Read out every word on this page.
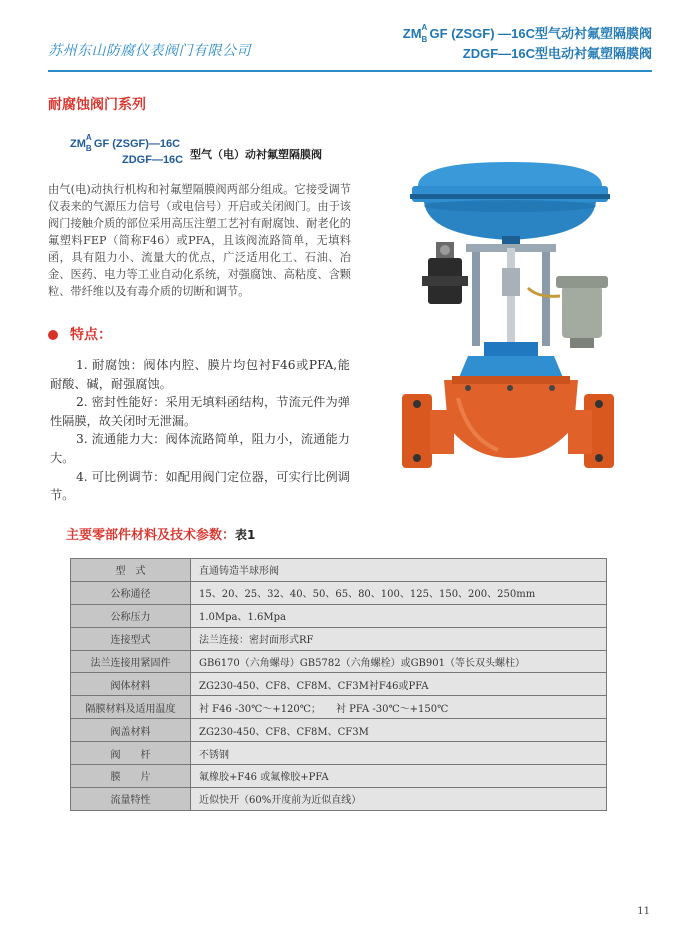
苏州东山防腐仪表阀门有限公司
ZM A
B GF (ZSGF) —16C型气动衬氟塑隔膜阀
ZDGF—16C型电动衬氟塑隔膜阀
耐腐蚀阀门系列
ZM
A
B GF (ZSGF)—16C
ZDGF—16C 型气（电）动衬氟塑隔膜阀
由气(电)动执行机构和衬氟塑隔膜阀两部分组成。它接受调节仪表来的气源压力信号（或电信号）开启或关闭阀门。由于该阀门接触介质的部位采用高压注塑工艺衬有耐腐蚀、耐老化的氟塑料FEP（简称F46）或PFA，且该阀流路简单，无填料函，具有阻力小、流量大的优点，广泛适用化工、石油、冶金、医药、电力等工业自动化系统，对强腐蚀、高粘度、含颗粒、带纤维以及有毒介质的切断和调节。
特点：

1. 耐腐蚀：阀体内腔、膜片均包衬F46或PFA,能耐酸、碱，耐强腐蚀。

2. 密封性能好：采用无填料函结构，节流元件为弹性隔膜，故关闭时无泄漏。

3. 流通能力大：阀体流路简单，阻力小，流通能力大。

4. 可比例调节：如配用阀门定位器，可实行比例调节。

主要零部件材料及技术参数：表1
型　式	直通铸造半球形阀
公称通径	15、20、25、32、40、50、65、80、100、125、150、200、250mm
公称压力	1.0Mpa、1.6Mpa
连接型式	法兰连接：密封面形式RF
法兰连接用紧固件	GB6170（六角螺母）GB5782（六角螺栓）或GB901（等长双头螺柱）
阀体材料	ZG230-450、CF8、CF8M、CF3M衬F46或PFA
隔膜材料及适用温度	衬 F46 -30℃～+120℃；　　衬 PFA -30℃～+150℃
阀盖材料	ZG230-450、CF8、CF8M、CF3M
阀　　杆	不锈钢
膜　　片	氟橡胶+F46 或氟橡胶+PFA
流量特性	近似快开（60%开度前为近似直线）
11
